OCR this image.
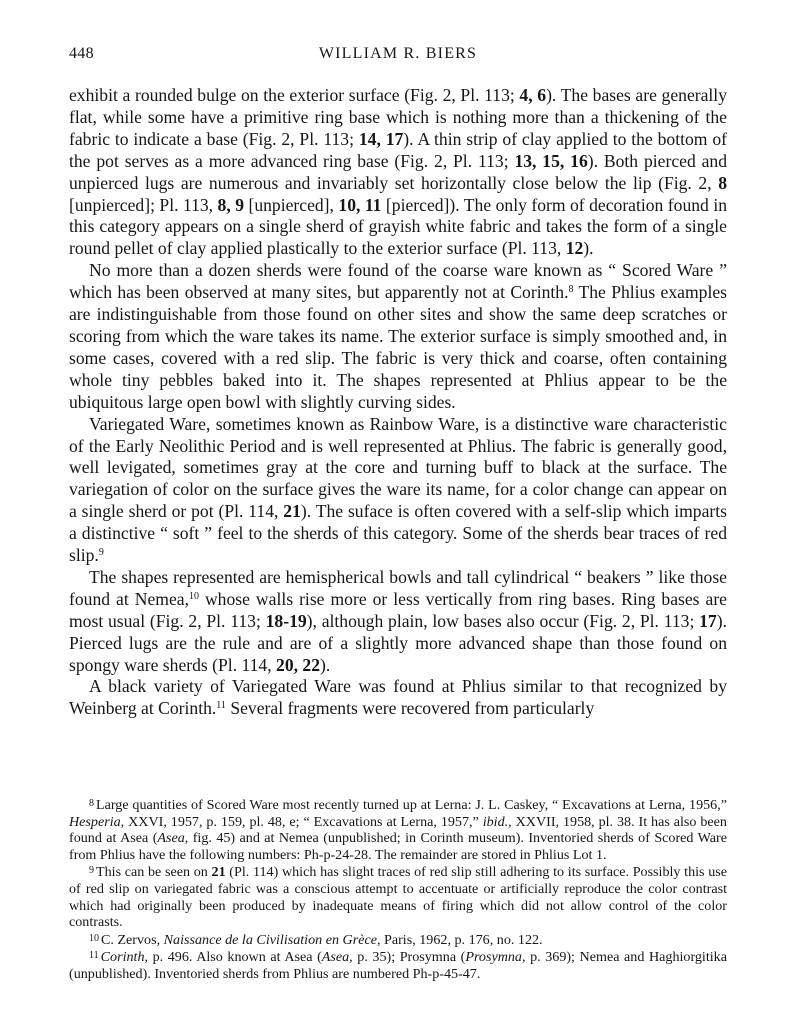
448	WILLIAM R. BIERS

exhibit a rounded bulge on the exterior surface (Fig. 2, Pl. 113; 4, 6). The bases are generally flat, while some have a primitive ring base which is nothing more than a thickening of the fabric to indicate a base (Fig. 2, Pl. 113; 14, 17). A thin strip of clay applied to the bottom of the pot serves as a more advanced ring base (Fig. 2, Pl. 113; 13, 15, 16). Both pierced and unpierced lugs are numerous and invariably set horizontally close below the lip (Fig. 2, 8 [unpierced]; Pl. 113, 8, 9 [unpierced], 10, 11 [pierced]). The only form of decoration found in this category appears on a single sherd of grayish white fabric and takes the form of a single round pellet of clay applied plastically to the exterior surface (Pl. 113, 12).

No more than a dozen sherds were found of the coarse ware known as “ Scored Ware ” which has been observed at many sites, but apparently not at Corinth.$^8$ The Phlius examples are indistinguishable from those found on other sites and show the same deep scratches or scoring from which the ware takes its name. The exterior surface is simply smoothed and, in some cases, covered with a red slip. The fabric is very thick and coarse, often containing whole tiny pebbles baked into it. The shapes represented at Phlius appear to be the ubiquitous large open bowl with slightly curving sides.

Variegated Ware, sometimes known as Rainbow Ware, is a distinctive ware characteristic of the Early Neolithic Period and is well represented at Phlius. The fabric is generally good, well levigated, sometimes gray at the core and turning buff to black at the surface. The variegation of color on the surface gives the ware its name, for a color change can appear on a single sherd or pot (Pl. 114, 21). The suface is often covered with a self-slip which imparts a distinctive “ soft ” feel to the sherds of this category. Some of the sherds bear traces of red slip.$^9$

The shapes represented are hemispherical bowls and tall cylindrical “ beakers ” like those found at Nemea,$^{10}$ whose walls rise more or less vertically from ring bases. Ring bases are most usual (Fig. 2, Pl. 113; 18-19), although plain, low bases also occur (Fig. 2, Pl. 113; 17). Pierced lugs are the rule and are of a slightly more advanced shape than those found on spongy ware sherds (Pl. 114, 20, 22).

A black variety of Variegated Ware was found at Phlius similar to that recognized by Weinberg at Corinth.$^{11}$ Several fragments were recovered from particularly

$^8$ Large quantities of Scored Ware most recently turned up at Lerna: J. L. Caskey, “ Excavations at Lerna, 1956,” Hesperia, XXVI, 1957, p. 159, pl. 48, e; “ Excavations at Lerna, 1957,” ibid., XXVII, 1958, pl. 38. It has also been found at Asea (Asea, fig. 45) and at Nemea (unpublished; in Corinth museum). Inventoried sherds of Scored Ware from Phlius have the following numbers: Ph-p-24-28. The remainder are stored in Phlius Lot 1.

$^9$ This can be seen on 21 (Pl. 114) which has slight traces of red slip still adhering to its surface. Possibly this use of red slip on variegated fabric was a conscious attempt to accentuate or artificially reproduce the color contrast which had originally been produced by inadequate means of firing which did not allow control of the color contrasts.

$^{10}$ C. Zervos, Naissance de la Civilisation en Grèce, Paris, 1962, p. 176, no. 122.

$^{11}$ Corinth, p. 496. Also known at Asea (Asea, p. 35); Prosymna (Prosymna, p. 369); Nemea and Haghiorgitika (unpublished). Inventoried sherds from Phlius are numbered Ph-p-45-47.
